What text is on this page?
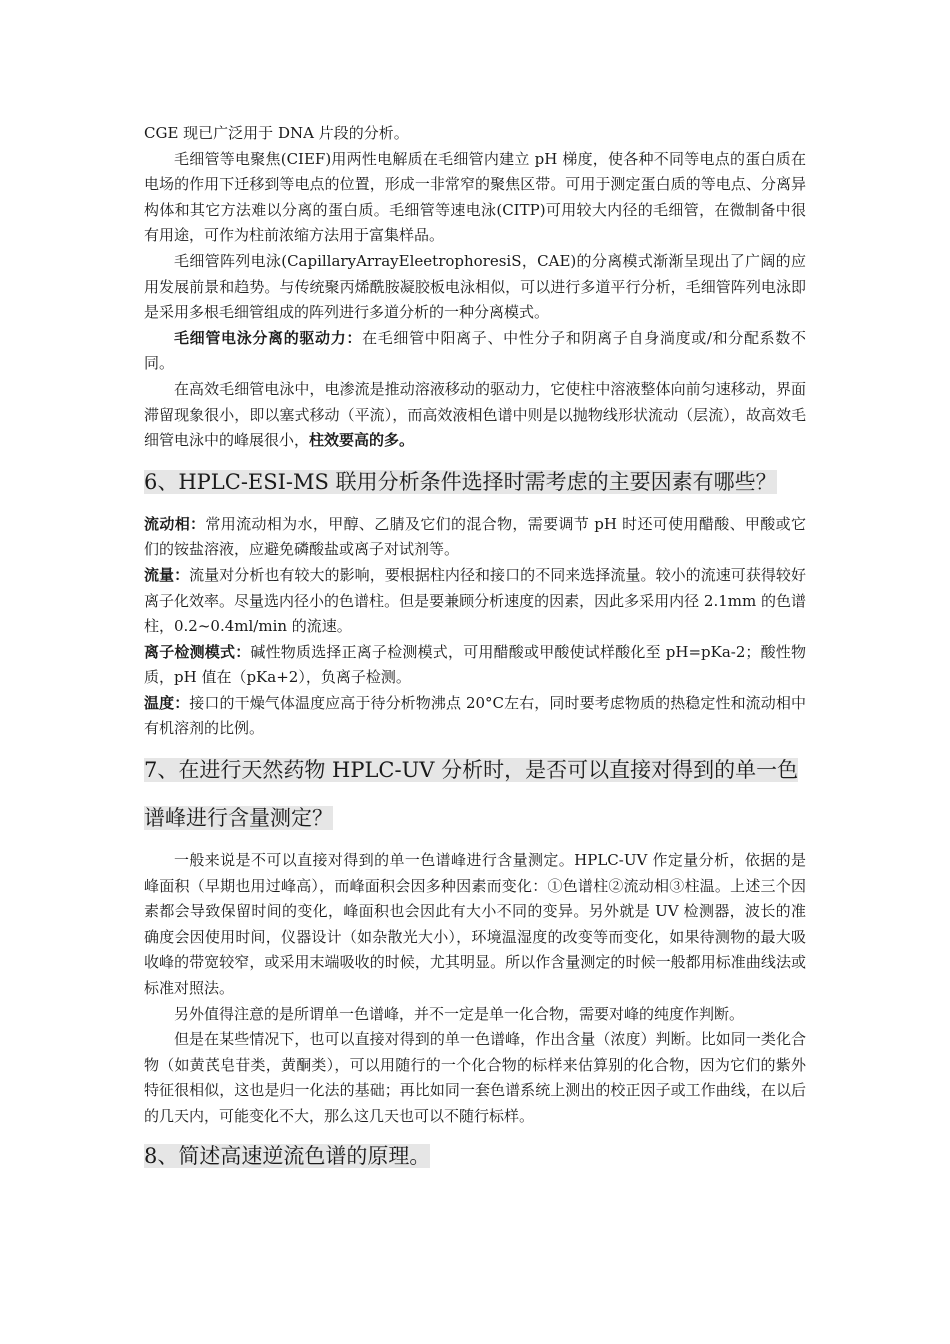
CGE 现已广泛用于 DNA 片段的分析。

毛细管等电聚焦(CIEF)用两性电解质在毛细管内建立 pH 梯度，使各种不同等电点的蛋白质在电场的作用下迁移到等电点的位置，形成一非常窄的聚焦区带。可用于测定蛋白质的等电点、分离异构体和其它方法难以分离的蛋白质。毛细管等速电泳(CITP)可用较大内径的毛细管，在微制备中很有用途，可作为柱前浓缩方法用于富集样品。

毛细管阵列电泳(CapillaryArrayEleetrophoresiS，CAE)的分离模式渐渐呈现出了广阔的应用发展前景和趋势。与传统聚丙烯酰胺凝胶板电泳相似，可以进行多道平行分析，毛细管阵列电泳即是采用多根毛细管组成的阵列进行多道分析的一种分离模式。

毛细管电泳分离的驱动力：在毛细管中阳离子、中性分子和阴离子自身淌度或/和分配系数不同。

在高效毛细管电泳中，电渗流是推动溶液移动的驱动力，它使柱中溶液整体向前匀速移动，界面滞留现象很小，即以塞式移动（平流），而高效液相色谱中则是以抛物线形状流动（层流），故高效毛细管电泳中的峰展很小，柱效要高的多。

6、HPLC-ESI-MS 联用分析条件选择时需考虑的主要因素有哪些？

流动相：常用流动相为水，甲醇、乙腈及它们的混合物，需要调节 pH 时还可使用醋酸、甲酸或它们的铵盐溶液，应避免磷酸盐或离子对试剂等。

流量：流量对分析也有较大的影响，要根据柱内径和接口的不同来选择流量。较小的流速可获得较好离子化效率。尽量选内径小的色谱柱。但是要兼顾分析速度的因素，因此多采用内径 2.1mm 的色谱柱，0.2~0.4ml/min 的流速。

离子检测模式：碱性物质选择正离子检测模式，可用醋酸或甲酸使试样酸化至 pH=pKa-2；酸性物质，pH 值在（pKa+2），负离子检测。

温度：接口的干燥气体温度应高于待分析物沸点 20°C左右，同时要考虑物质的热稳定性和流动相中有机溶剂的比例。

7、在进行天然药物 HPLC-UV 分析时，是否可以直接对得到的单一色谱峰进行含量测定？

一般来说是不可以直接对得到的单一色谱峰进行含量测定。HPLC-UV 作定量分析，依据的是峰面积（早期也用过峰高），而峰面积会因多种因素而变化：①色谱柱②流动相③柱温。上述三个因素都会导致保留时间的变化，峰面积也会因此有大小不同的变异。另外就是 UV 检测器，波长的准确度会因使用时间，仪器设计（如杂散光大小），环境温湿度的改变等而变化，如果待测物的最大吸收峰的带宽较窄，或采用末端吸收的时候，尤其明显。所以作含量测定的时候一般都用标准曲线法或标准对照法。

另外值得注意的是所谓单一色谱峰，并不一定是单一化合物，需要对峰的纯度作判断。

但是在某些情况下，也可以直接对得到的单一色谱峰，作出含量（浓度）判断。比如同一类化合物（如黄芪皂苷类，黄酮类），可以用随行的一个化合物的标样来估算别的化合物，因为它们的紫外特征很相似，这也是归一化法的基础；再比如同一套色谱系统上测出的校正因子或工作曲线，在以后的几天内，可能变化不大，那么这几天也可以不随行标样。

8、简述高速逆流色谱的原理。
